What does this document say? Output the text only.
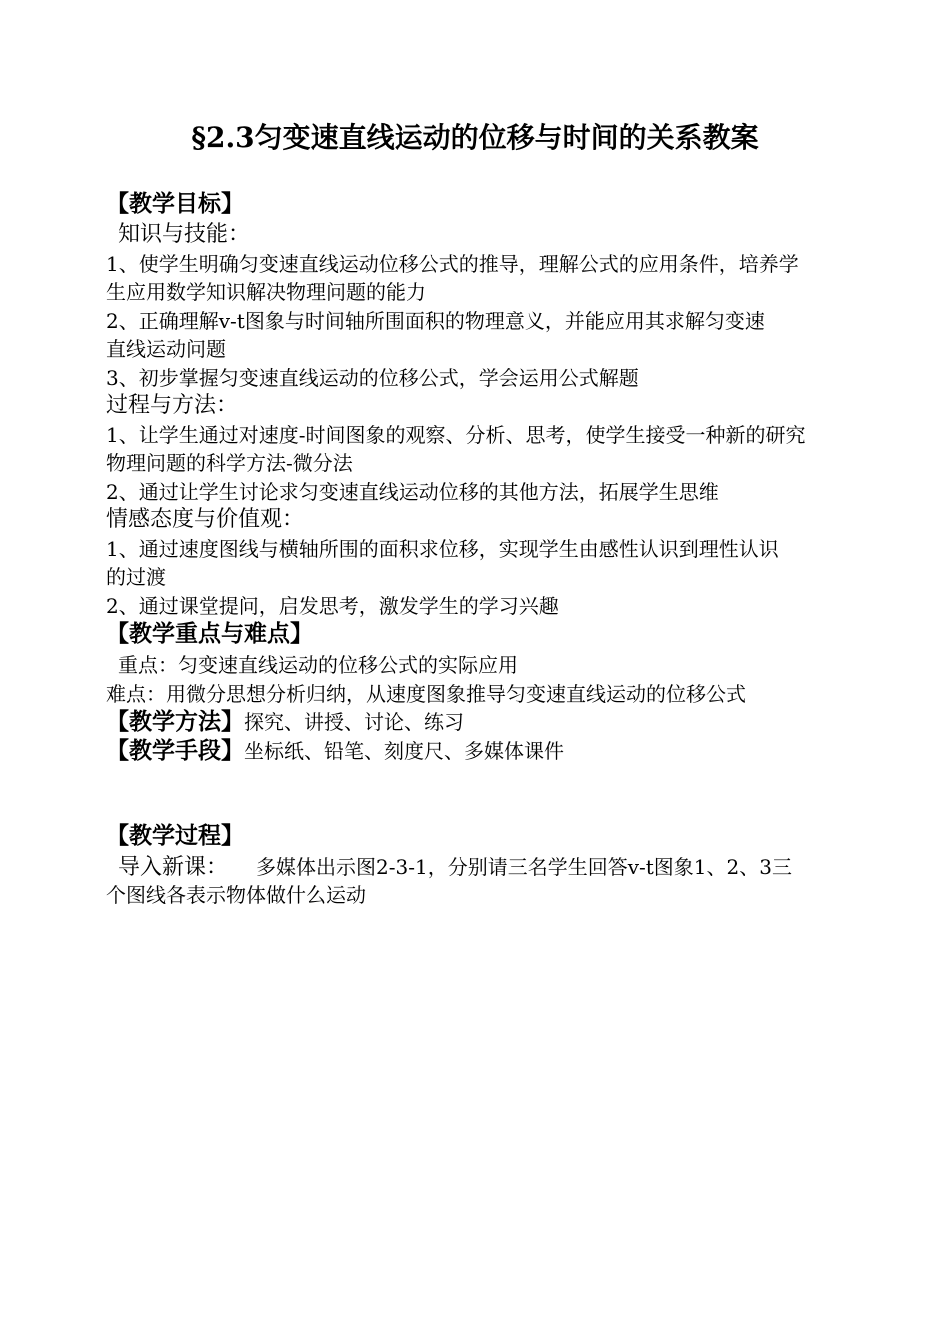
§2.3匀变速直线运动的位移与时间的关系教案
【教学目标】
知识与技能：
1、使学生明确匀变速直线运动位移公式的推导，理解公式的应用条件，培养学
生应用数学知识解决物理问题的能力
2、正确理解v-t图象与时间轴所围面积的物理意义，并能应用其求解匀变速
直线运动问题
3、初步掌握匀变速直线运动的位移公式，学会运用公式解题
过程与方法：
1、让学生通过对速度-时间图象的观察、分析、思考，使学生接受一种新的研究
物理问题的科学方法-微分法
2、通过让学生讨论求匀变速直线运动位移的其他方法，拓展学生思维
情感态度与价值观：
1、通过速度图线与横轴所围的面积求位移，实现学生由感性认识到理性认识
的过渡
2、通过课堂提问，启发思考，激发学生的学习兴趣
【教学重点与难点】
重点：匀变速直线运动的位移公式的实际应用
难点：用微分思想分析归纳，从速度图象推导匀变速直线运动的位移公式
【教学方法】探究、讲授、讨论、练习
【教学手段】坐标纸、铅笔、刻度尺、多媒体课件
【教学过程】
导入新课： 多媒体出示图2-3-1，分别请三名学生回答v-t图象1、2、3三
个图线各表示物体做什么运动
